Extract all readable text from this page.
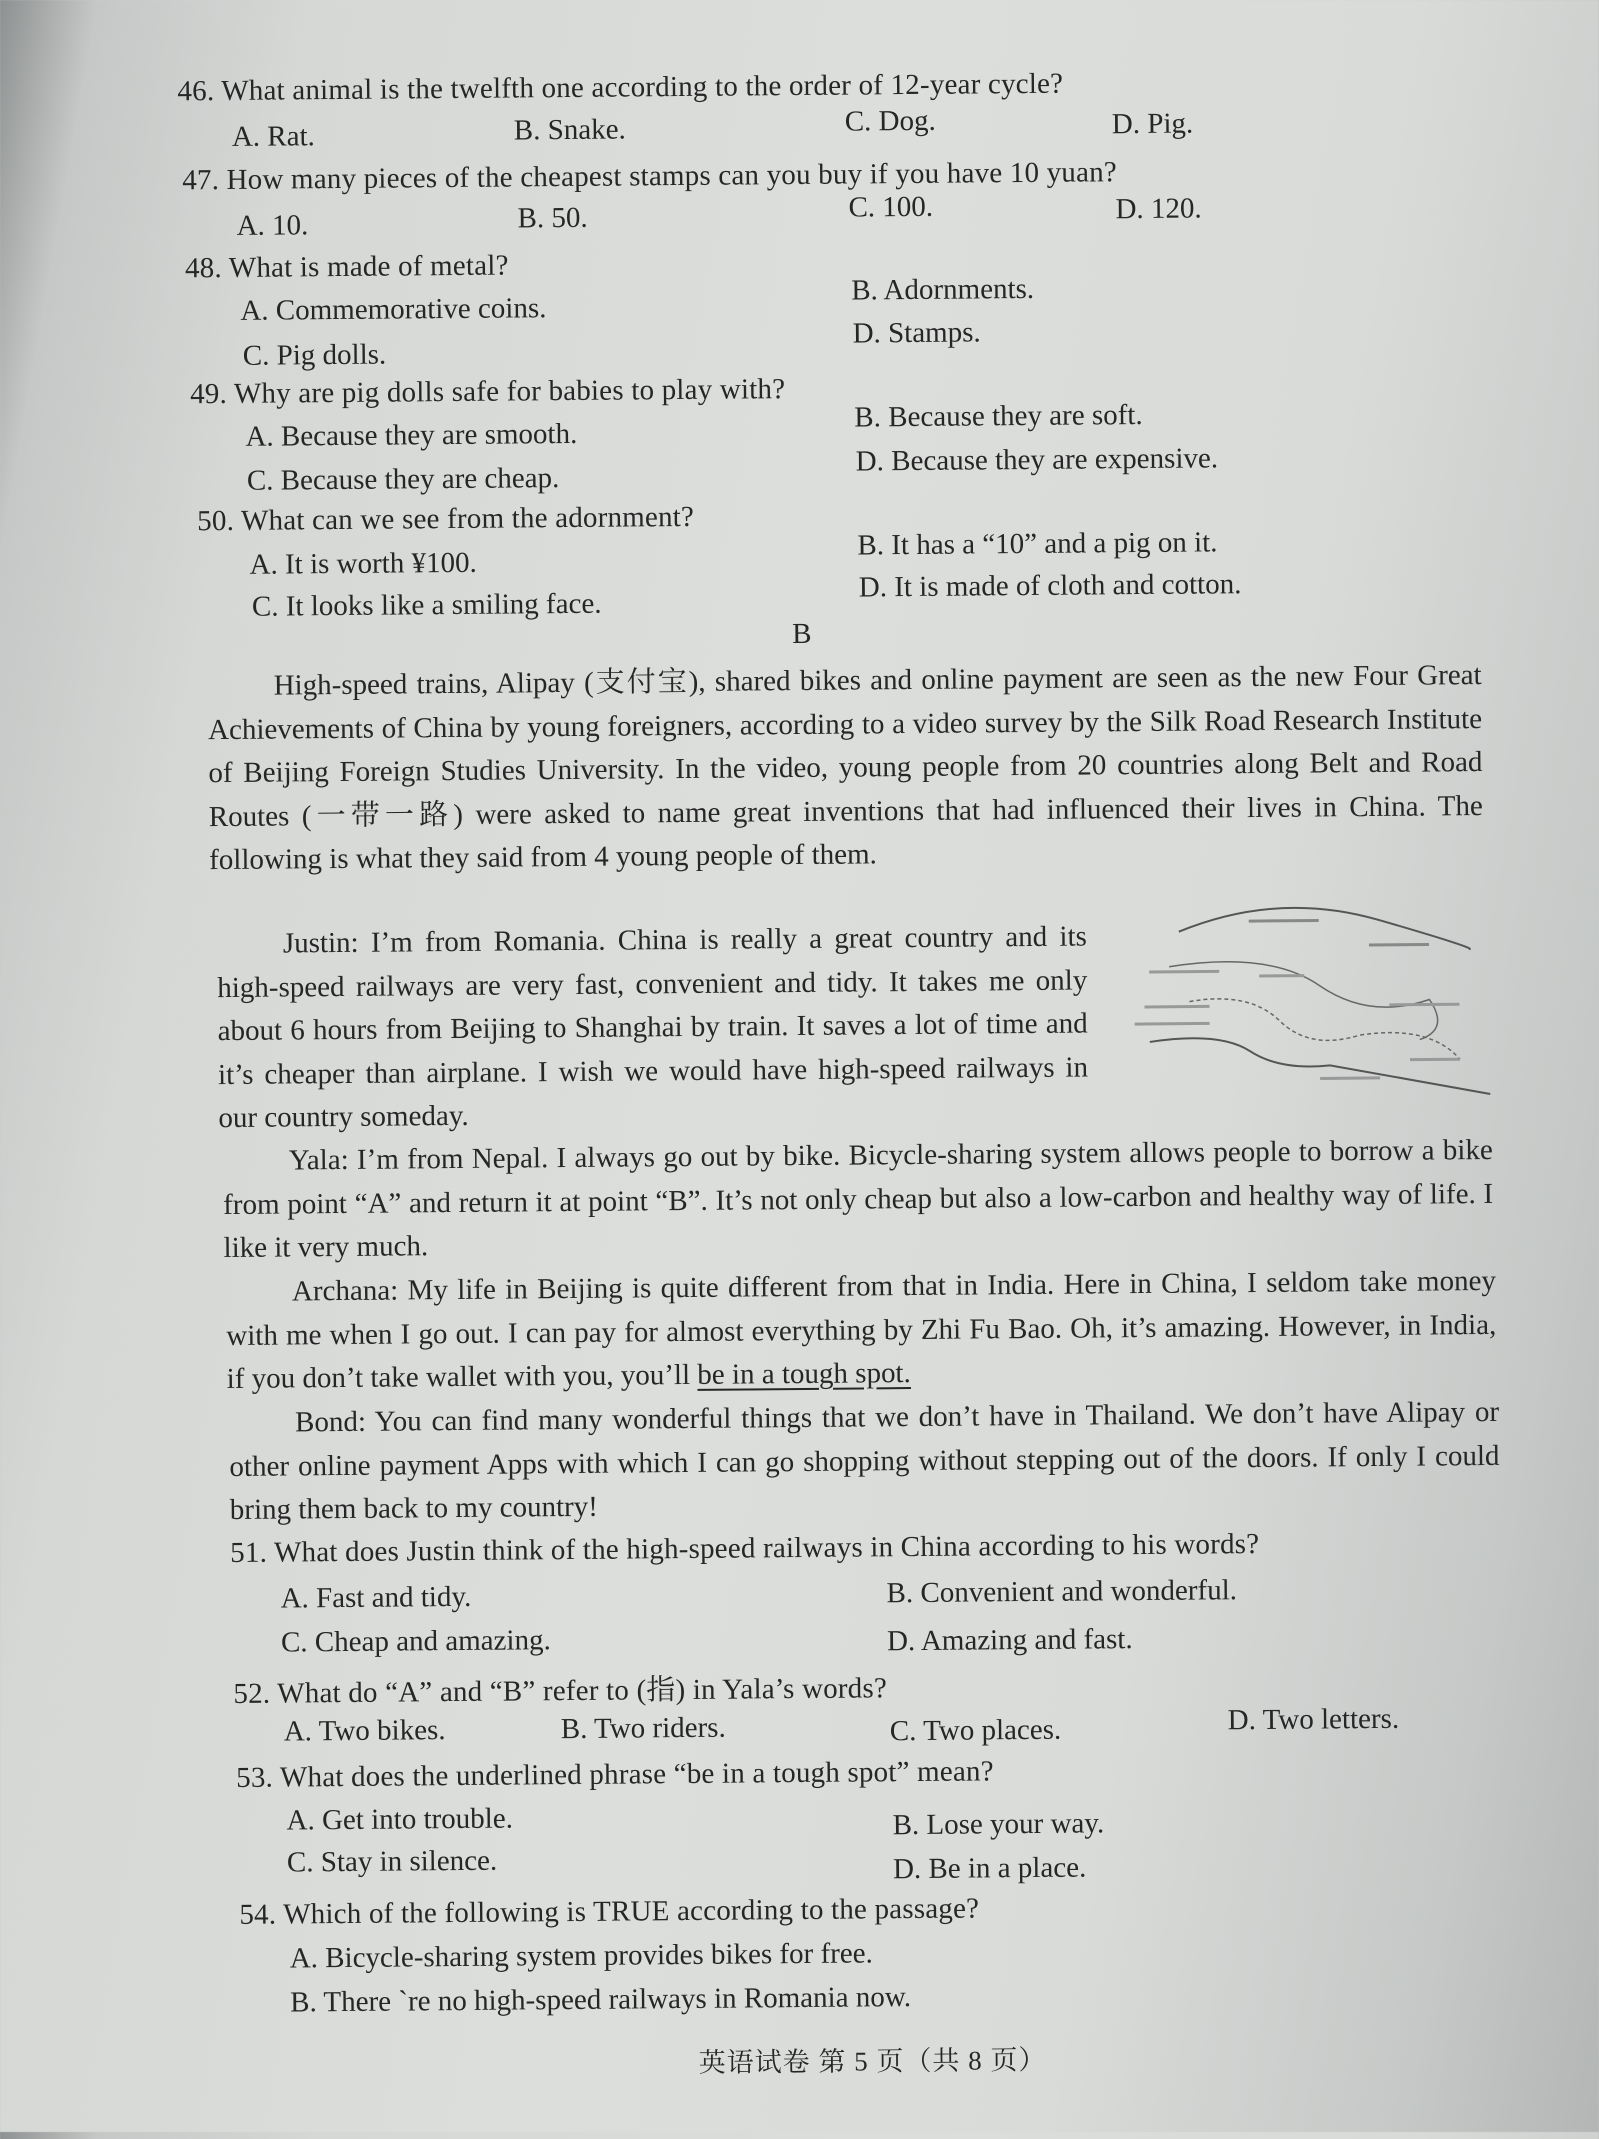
46. What animal is the twelfth one according to the order of 12-year cycle?
A. Rat.	B. Snake.	C. Dog.	D. Pig.
47. How many pieces of the cheapest stamps can you buy if you have 10 yuan?
A. 10.	B. 50.	C. 100.	D. 120.
48. What is made of metal?
A. Commemorative coins.
B. Adornments.
C. Pig dolls.
D. Stamps.
49. Why are pig dolls safe for babies to play with?
A. Because they are smooth.
B. Because they are soft.
C. Because they are cheap.
D. Because they are expensive.
50. What can we see from the adornment?
A. It is worth ¥100.
B. It has a “10” and a pig on it.
C. It looks like a smiling face.
D. It is made of cloth and cotton.
B
High-speed trains, Alipay (支付宝), shared bikes and online payment are seen as the new Four Great Achievements of China by young foreigners, according to a video survey by the Silk Road Research Institute of Beijing Foreign Studies University. In the video, young people from 20 countries along Belt and Road Routes (一带一路) were asked to name great inventions that had influenced their lives in China. The following is what they said from 4 young people of them.
Justin: I’m from Romania. China is really a great country and its high-speed railways are very fast, convenient and tidy. It takes me only about 6 hours from Beijing to Shanghai by train. It saves a lot of time and it’s cheaper than airplane. I wish we would have high-speed railways in our country someday.
Yala: I’m from Nepal. I always go out by bike. Bicycle-sharing system allows people to borrow a bike from point “A” and return it at point “B”. It’s not only cheap but also a low-carbon and healthy way of life. I like it very much.
Archana: My life in Beijing is quite different from that in India. Here in China, I seldom take money with me when I go out. I can pay for almost everything by Zhi Fu Bao. Oh, it’s amazing. However, in India, if you don’t take wallet with you, you’ll be in a tough spot.
Bond: You can find many wonderful things that we don’t have in Thailand. We don’t have Alipay or other online payment Apps with which I can go shopping without stepping out of the doors. If only I could bring them back to my country!
51. What does Justin think of the high-speed railways in China according to his words?
A. Fast and tidy.	B. Convenient and wonderful.
C. Cheap and amazing.	D. Amazing and fast.
52. What do “A” and “B” refer to (指) in Yala’s words?
A. Two bikes.	B. Two riders.	C. Two places.	D. Two letters.
53. What does the underlined phrase “be in a tough spot” mean?
A. Get into trouble.	B. Lose your way.
C. Stay in silence.	D. Be in a place.
54. Which of the following is TRUE according to the passage?
A. Bicycle-sharing system provides bikes for free.
B. There `re no high-speed railways in Romania now.
英语试卷 第 5 页（共 8 页）
